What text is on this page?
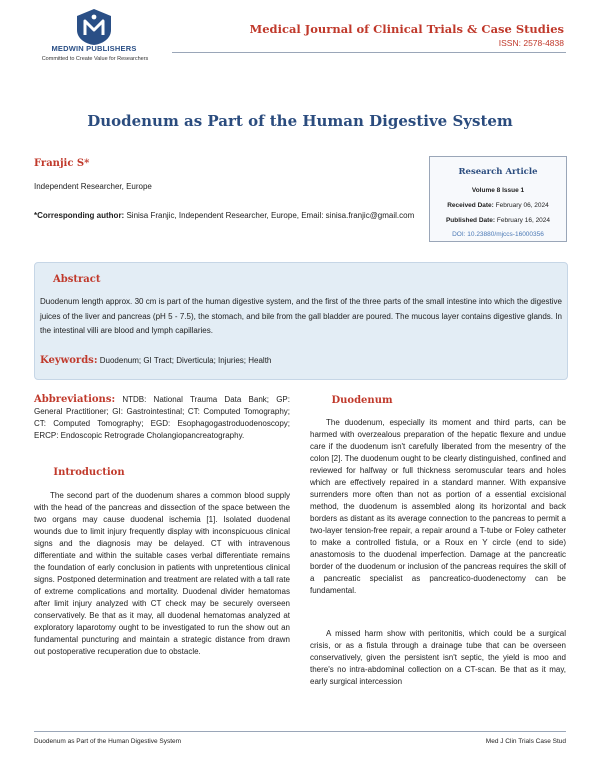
MEDWIN PUBLISHERS
Committed to Create Value for Researchers
Medical Journal of Clinical Trials & Case Studies
ISSN: 2578-4838
Duodenum as Part of the Human Digestive System
Franjic S*
Independent Researcher, Europe
*Corresponding author: Sinisa Franjic, Independent Researcher, Europe, Email: sinisa.franjic@gmail.com
Research Article
Volume 8 Issue 1
Received Date: February 06, 2024
Published Date: February 16, 2024
DOI: 10.23880/mjccs-16000356
Abstract
Duodenum length approx. 30 cm is part of the human digestive system, and the first of the three parts of the small intestine into which the digestive juices of the liver and pancreas (pH 5 - 7.5), the stomach, and bile from the gall bladder are poured. The mucous layer contains digestive glands. In the intestinal villi are blood and lymph capillaries.
Keywords: Duodenum; GI Tract; Diverticula; Injuries; Health

Abbreviations: NTDB: National Trauma Data Bank; GP: General Practitioner; GI: Gastrointestinal; CT: Computed Tomography; CT: Computed Tomography; EGD: Esophagogastroduodenoscopy; ERCP: Endoscopic Retrograde Cholangiopancreatography.

Introduction

The second part of the duodenum shares a common blood supply with the head of the pancreas and dissection of the space between the two organs may cause duodenal ischemia [1]. Isolated duodenal wounds due to limit injury frequently display with inconspicuous clinical signs and the diagnosis may be delayed. CT with intravenous differentiate and within the suitable cases verbal differentiate remains the foundation of early conclusion in patients with unpretentious clinical signs. Postponed determination and treatment are related with a tall rate of extreme complications and mortality. Duodenal divider hematomas after limit injury analyzed with CT check may be securely overseen conservatively. Be that as it may, all duodenal hematomas analyzed at exploratory laparotomy ought to be investigated to run the show out an fundamental puncturing and maintain a strategic distance from drawn out postoperative recuperation due to obstacle.

Duodenum

The duodenum, especially its moment and third parts, can be harmed with overzealous preparation of the hepatic flexure and undue care if the duodenum isn't carefully liberated from the mesentry of the colon [2]. The duodenum ought to be clearly distinguished, confined and reviewed for halfway or full thickness seromuscular tears and holes which are effectively repaired in a standard manner. With expansive surrenders more often than not as portion of a essential excisional method, the duodenum is assembled along its horizontal and back borders as distant as its average connection to the pancreas to permit a two-layer tension-free repair, a repair around a T-tube or Foley catheter to make a controlled fistula, or a Roux en Y circle (end to side) anastomosis to the duodenal imperfection. Damage at the pancreatic border of the duodenum or inclusion of the pancreas requires the skill of a pancreatic specialist as pancreatico-duodenectomy can be fundamental.

A missed harm show with peritonitis, which could be a surgical crisis, or as a fistula through a drainage tube that can be overseen conservatively, given the persistent isn't septic, the yield is moo and there's no intra-abdominal collection on a CT-scan. Be that as it may, early surgical intercession

Duodenum as Part of the Human Digestive System	Med J Clin Trials Case Stud
